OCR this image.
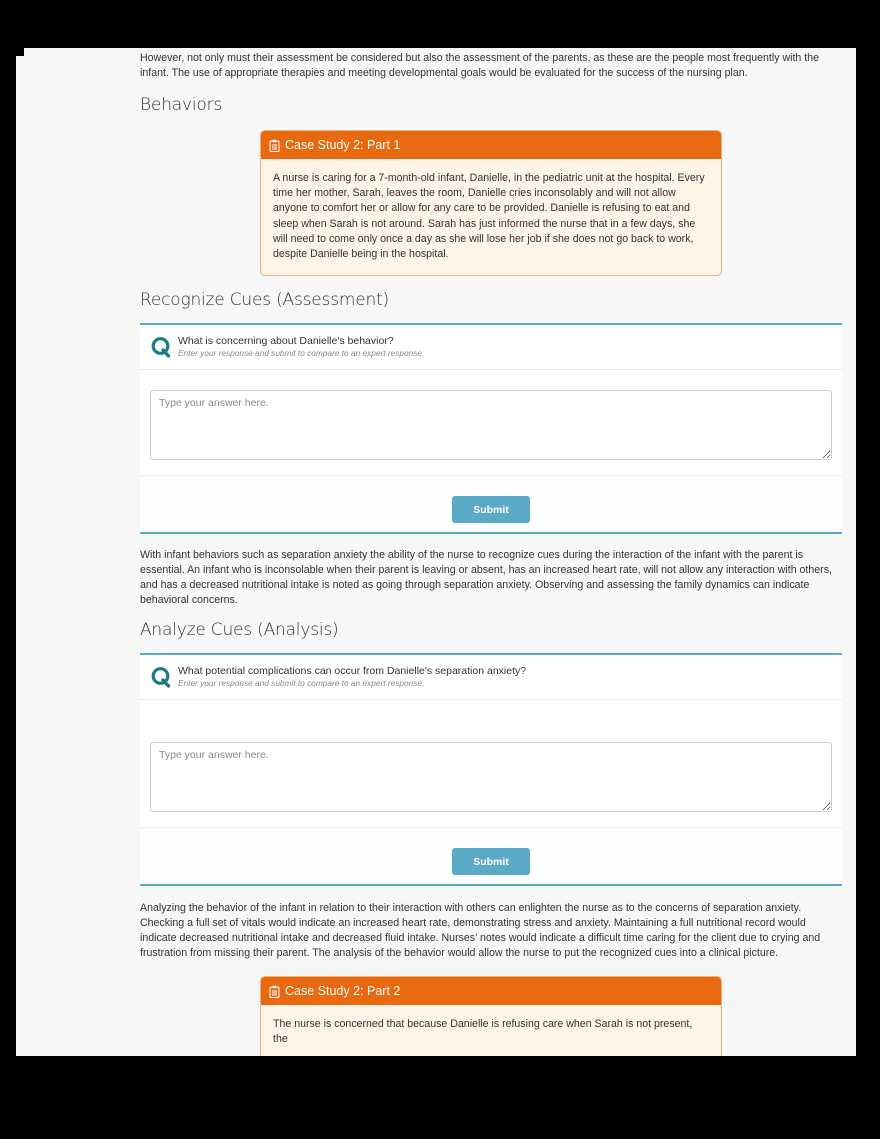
However, not only must their assessment be considered but also the assessment of the parents, as these are the people most frequently with the

infant. The use of appropriate therapies and meeting developmental goals would be evaluated for the success of the nursing plan.

Behaviors
Case Study 2: Part 1
A nurse is caring for a 7-month-old infant, Danielle, in the pediatric unit at the hospital. Every time her mother, Sarah, leaves the room, Danielle cries inconsolably and will not allow anyone to comfort her or allow for any care to be provided. Danielle is refusing to eat and sleep when Sarah is not around. Sarah has just informed the nurse that in a few days, she will need to come only once a day as she will lose her job if she does not go back to work, despite Danielle being in the hospital.
Recognize Cues (Assessment)
What is concerning about Danielle's behavior?
Enter your response and submit to compare to an expert response.
Type your answer here.
Submit

With infant behaviors such as separation anxiety the ability of the nurse to recognize cues during the interaction of the infant with the parent is essential. An infant who is inconsolable when their parent is leaving or absent, has an increased heart rate, will not allow any interaction with others, and has a decreased nutritional intake is noted as going through separation anxiety. Observing and assessing the family dynamics can indicate behavioral concerns.

Analyze Cues (Analysis)
What potential complications can occur from Danielle's separation anxiety?
Enter your response and submit to compare to an expert response.
Type your answer here.
Submit

Analyzing the behavior of the infant in relation to their interaction with others can enlighten the nurse as to the concerns of separation anxiety. Checking a full set of vitals would indicate an increased heart rate, demonstrating stress and anxiety. Maintaining a full nutritional record would indicate decreased nutritional intake and decreased fluid intake. Nurses’ notes would indicate a difficult time caring for the client due to crying and frustration from missing their parent. The analysis of the behavior would allow the nurse to put the recognized cues into a clinical picture.

Case Study 2: Part 2
The nurse is concerned that because Danielle is refusing care when Sarah is not present, the
